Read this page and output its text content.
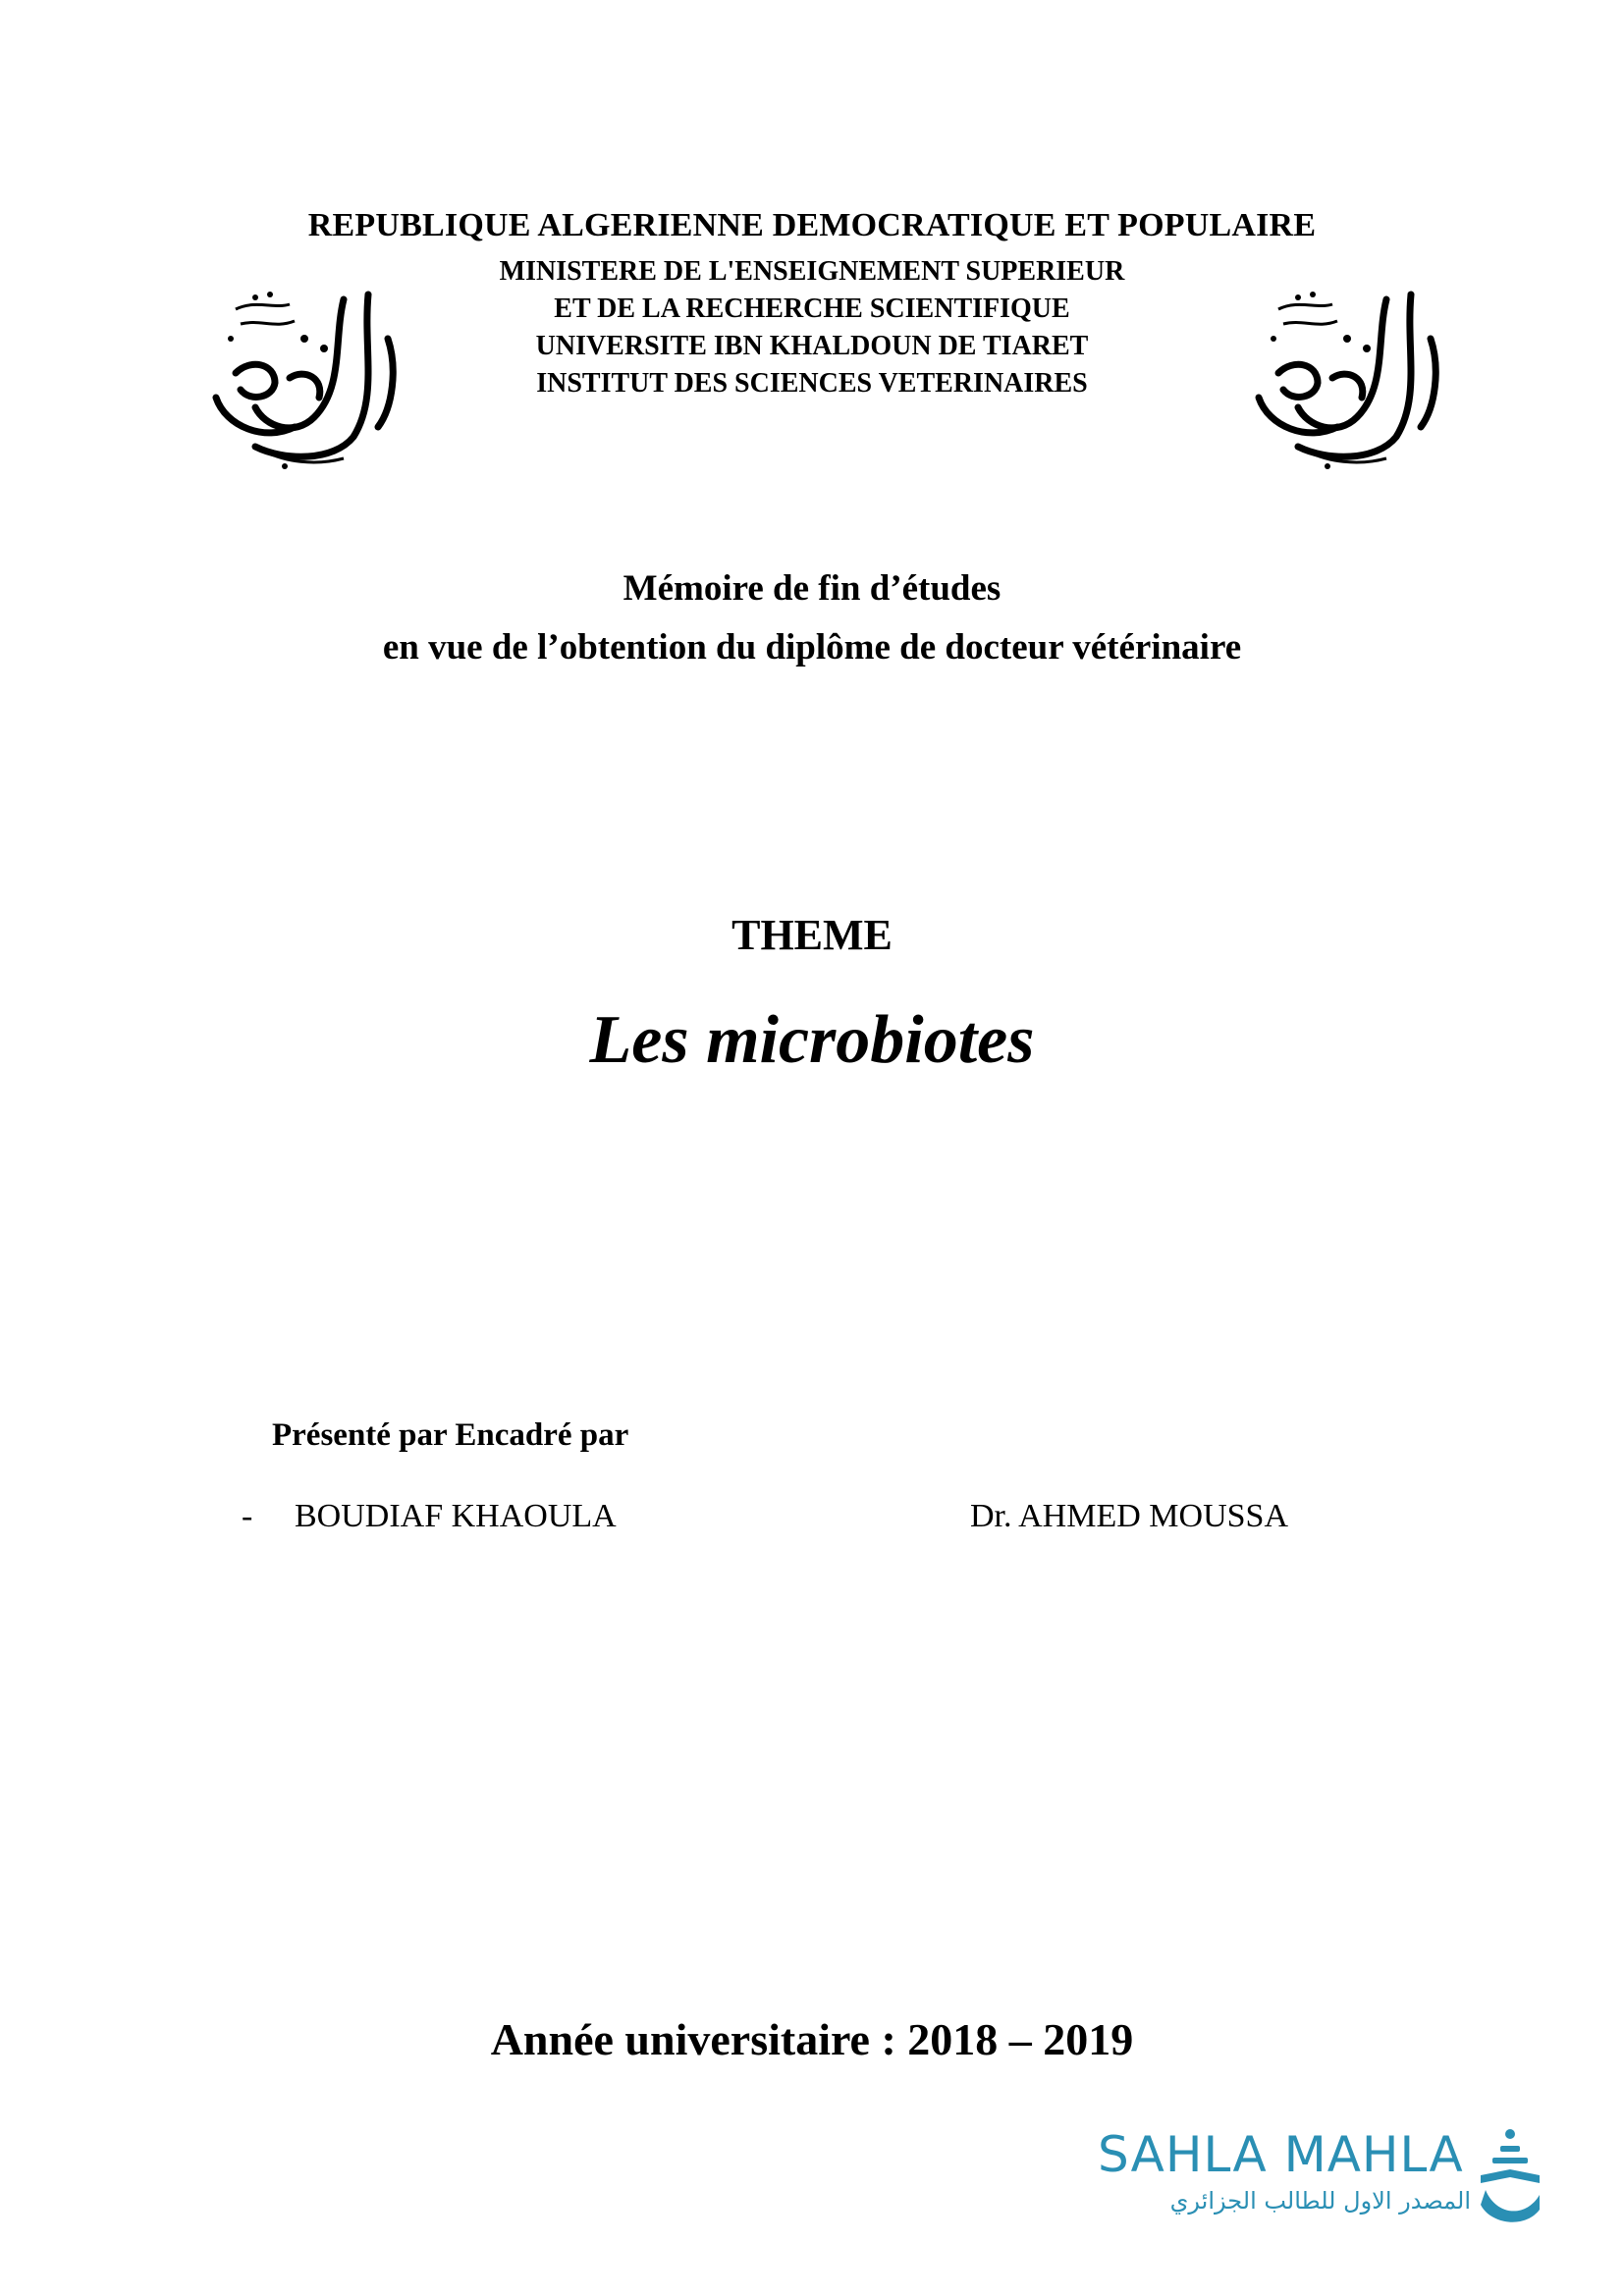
REPUBLIQUE ALGERIENNE DEMOCRATIQUE ET POPULAIRE
MINISTERE DE L'ENSEIGNEMENT SUPERIEUR
ET DE LA RECHERCHE SCIENTIFIQUE
UNIVERSITE IBN KHALDOUN DE TIARET
INSTITUT DES SCIENCES VETERINAIRES
Mémoire de fin d’études
en vue de l’obtention du diplôme de docteur vétérinaire
THEME
Les microbiotes
Présenté par Encadré par
- BOUDIAF KHAOULA	Dr. AHMED MOUSSA
Année universitaire : 2018 – 2019
SAHLA MAHLA
المصدر الاول للطالب الجزائري
